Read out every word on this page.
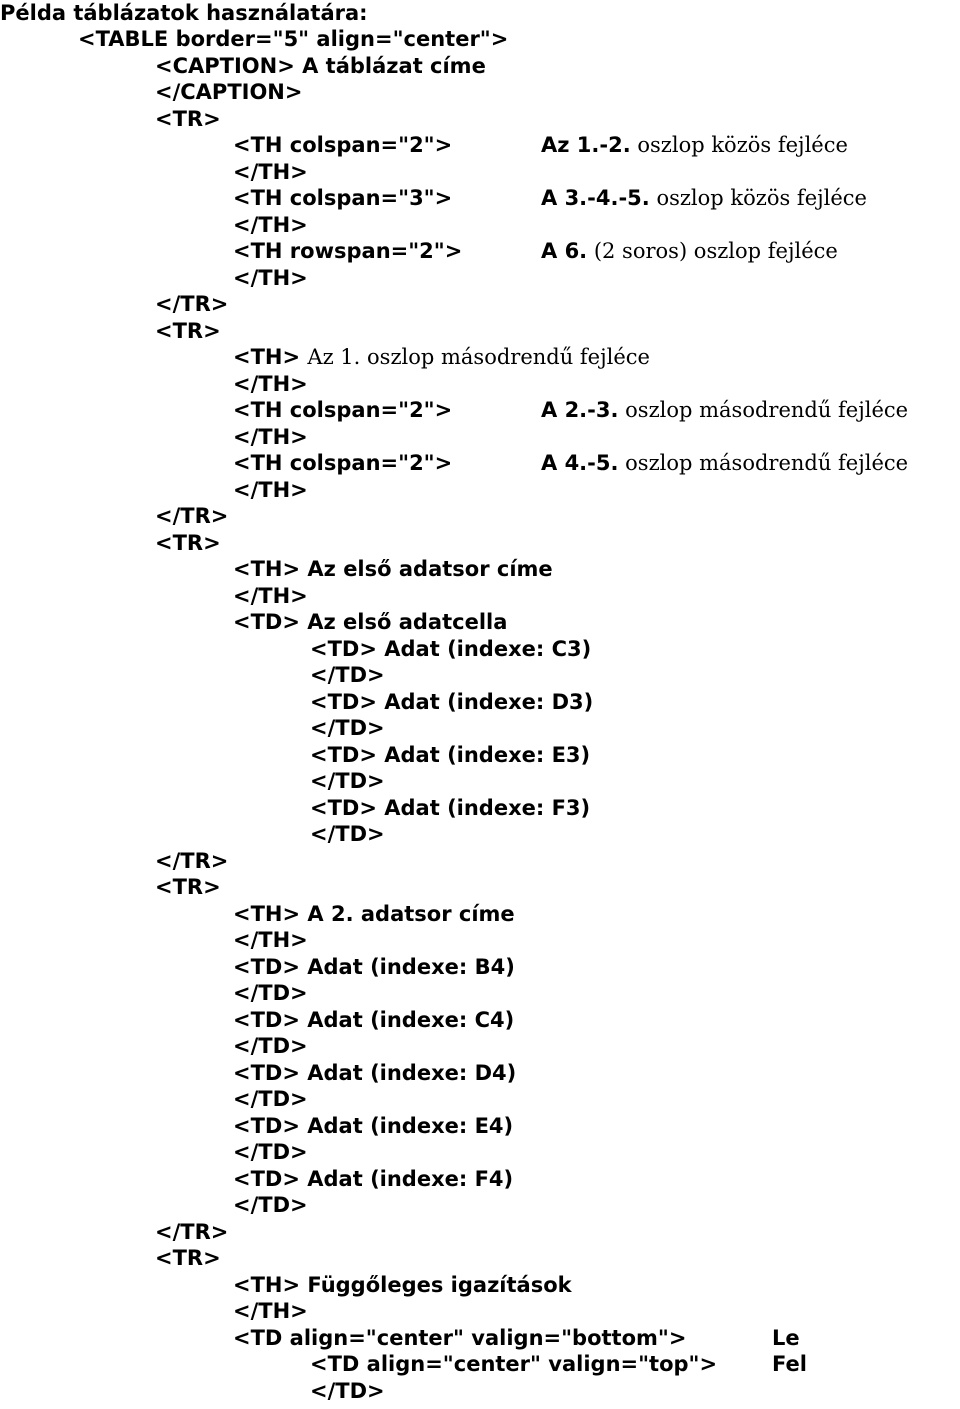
Példa táblázatok használatára:
<TABLE border="5" align="center">
<CAPTION> A táblázat címe
</CAPTION>
<TR>
<TH colspan="2">	Az 1.-2. oszlop közös fejléce
</TH>
<TH colspan="3">	A 3.-4.-5. oszlop közös fejléce
</TH>
<TH rowspan="2">	A 6. (2 soros) oszlop fejléce
</TH>
</TR>
<TR>
<TH> Az 1. oszlop másodrendű fejléce
</TH>
<TH colspan="2">	A 2.-3. oszlop másodrendű fejléce
</TH>
<TH colspan="2">	A 4.-5. oszlop másodrendű fejléce
</TH>
</TR>
<TR>
<TH> Az első adatsor címe
</TH>
<TD> Az első adatcella
<TD> Adat (indexe: C3)
</TD>
<TD> Adat (indexe: D3)
</TD>
<TD> Adat (indexe: E3)
</TD>
<TD> Adat (indexe: F3)
</TD>
</TR>
<TR>
<TH> A 2. adatsor címe
</TH>
<TD> Adat (indexe: B4)
</TD>
<TD> Adat (indexe: C4)
</TD>
<TD> Adat (indexe: D4)
</TD>
<TD> Adat (indexe: E4)
</TD>
<TD> Adat (indexe: F4)
</TD>
</TR>
<TR>
<TH> Függőleges igazítások
</TH>
<TD align="center" valign="bottom">	Le
<TD align="center" valign="top">	Fel
</TD>
